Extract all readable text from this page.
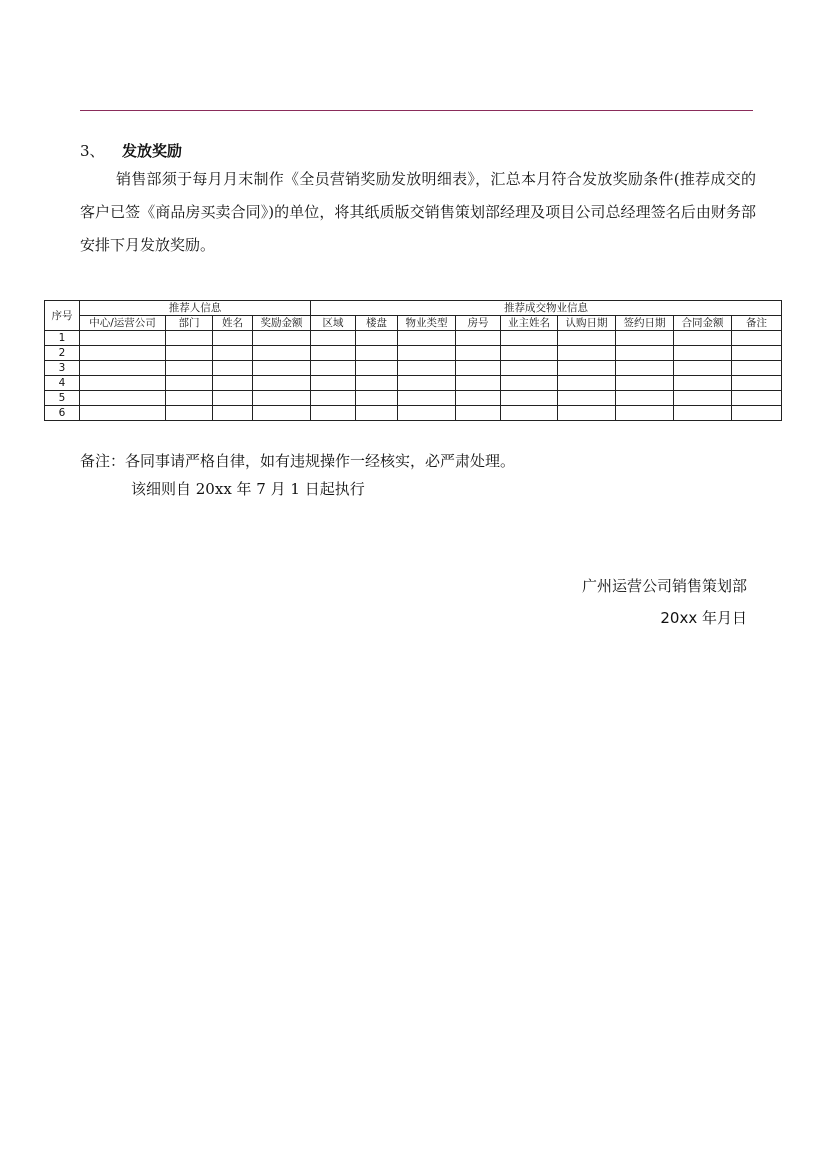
3、 发放奖励
销售部须于每月月末制作《全员营销奖励发放明细表》，汇总本月符合发放奖励条件(推荐成交的客户已签《商品房买卖合同》)的单位，将其纸质版交销售策划部经理及项目公司总经理签名后由财务部安排下月发放奖励。
序号	推荐人信息				推荐成交物业信息								
	中心/运营公司	部门	姓名	奖励金额	区域	楼盘	物业类型	房号	业主姓名	认购日期	签约日期	合同金额	备注
1													
2													
3													
4													
5													
6													
备注：各同事请严格自律，如有违规操作一经核实，必严肃处理。
该细则自 20xx 年 7 月 1 日起执行
广州运营公司销售策划部
20xx 年月日
